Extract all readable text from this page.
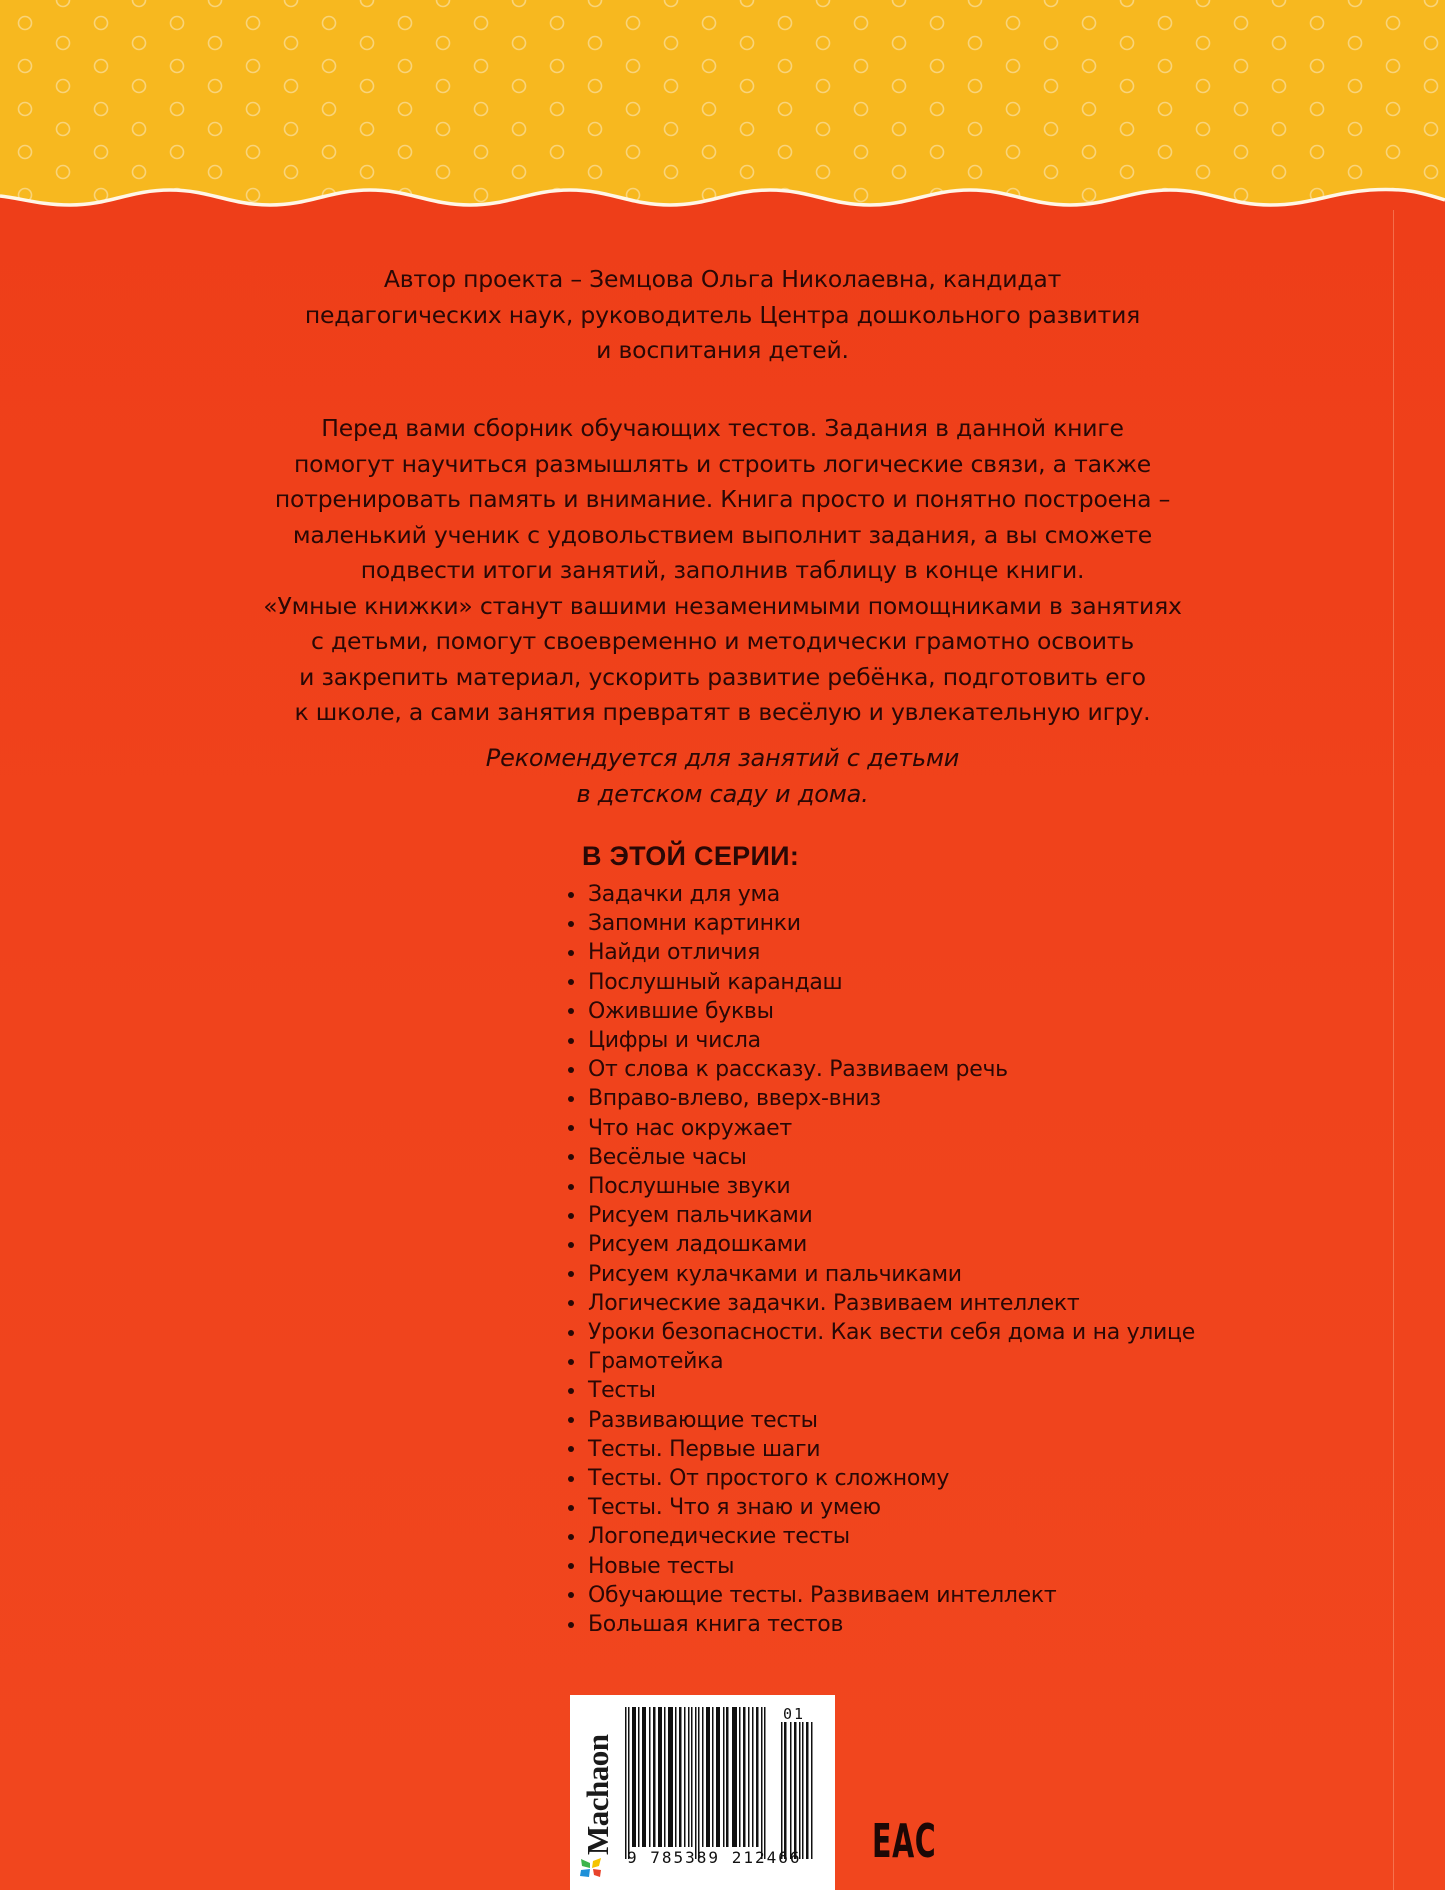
Автор проекта – Земцова Ольга Николаевна, кандидат
педагогических наук, руководитель Центра дошкольного развития
и воспитания детей.
Перед вами сборник обучающих тестов. Задания в данной книге
помогут научиться размышлять и строить логические связи, а также
потренировать память и внимание. Книга просто и понятно построена –
маленький ученик с удовольствием выполнит задания, а вы сможете
подвести итоги занятий, заполнив таблицу в конце книги.
«Умные книжки» станут вашими незаменимыми помощниками в занятиях
с детьми, помогут своевременно и методически грамотно освоить
и закрепить материал, ускорить развитие ребёнка, подготовить его
к школе, а сами занятия превратят в весёлую и увлекательную игру.
Рекомендуется для занятий с детьми
в детском саду и дома.
В ЭТОЙ СЕРИИ:
Задачки для ума
Запомни картинки
Найди отличия
Послушный карандаш
Ожившие буквы
Цифры и числа
От слова к рассказу. Развиваем речь
Вправо-влево, вверх-вниз
Что нас окружает
Весёлые часы
Послушные звуки
Рисуем пальчиками
Рисуем ладошками
Рисуем кулачками и пальчиками
Логические задачки. Развиваем интеллект
Уроки безопасности. Как вести себя дома и на улице
Грамотейка
Тесты
Развивающие тесты
Тесты. Первые шаги
Тесты. От простого к сложному
Тесты. Что я знаю и умею
Логопедические тесты
Новые тесты
Обучающие тесты. Развиваем интеллект
Большая книга тестов
Machaon
9 785389 212466
01
EAC
